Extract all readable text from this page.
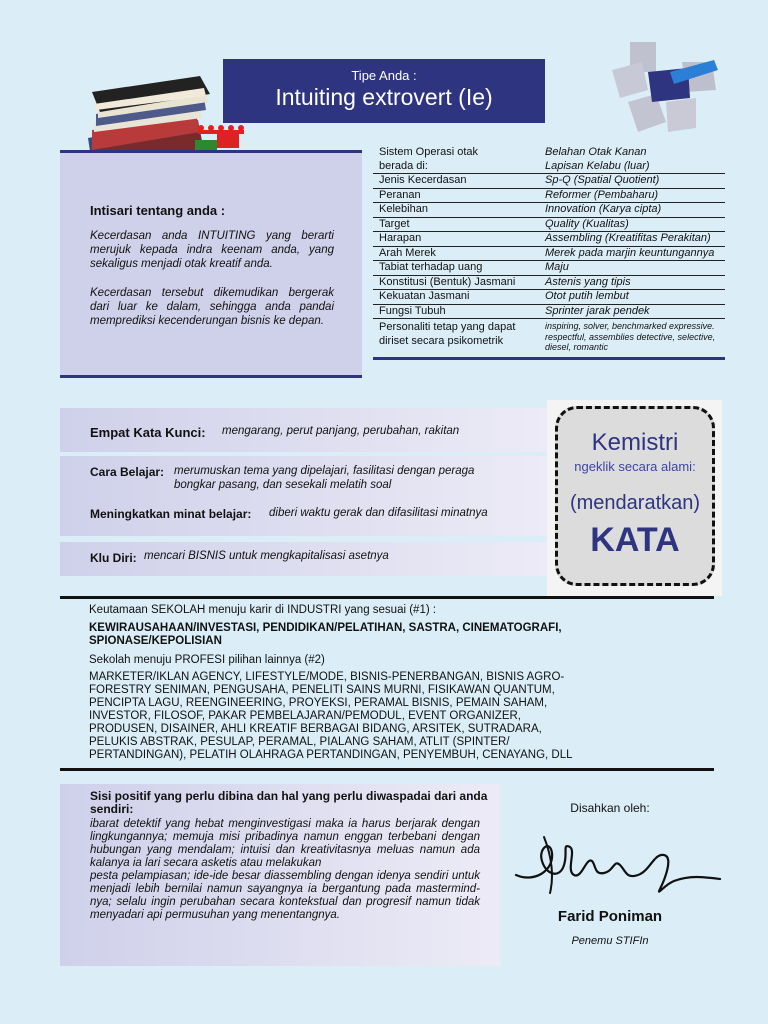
Tipe Anda :
Intuiting extrovert (Ie)
Intisari tentang anda :
Kecerdasan anda INTUITING yang berarti merujuk kepada indra keenam anda, yang sekaligus menjadi otak kreatif anda.
Kecerdasan tersebut dikemudikan bergerak dari luar ke dalam, sehingga anda pandai memprediksi kecenderungan bisnis ke depan.
Sistem Operasi otak	Belahan Otak Kanan
berada di:	Lapisan Kelabu (luar)
Jenis Kecerdasan	Sp-Q (Spatial Quotient)
Peranan	Reformer (Pembaharu)
Kelebihan	Innovation (Karya cipta)
Target	Quality (Kualitas)
Harapan	Assembling (Kreatifitas Perakitan)
Arah Merek	Merek pada marjin keuntungannya
Tabiat terhadap uang	Maju
Konstitusi (Bentuk) Jasmani	Astenis yang tipis
Kekuatan Jasmani	Otot putih lembut
Fungsi Tubuh	Sprinter jarak pendek
Personaliti tetap yang dapat diriset secara psikometrik	inspiring, solver, benchmarked expressive. respectful, assemblies detective, selective, diesel, romantic
Empat Kata Kunci: mengarang, perut panjang, perubahan, rakitan
Cara Belajar: merumuskan tema yang dipelajari, fasilitasi dengan peraga
bongkar pasang, dan sesekali melatih soal
Meningkatkan minat belajar: diberi waktu gerak dan difasilitasi minatnya
Klu Diri: mencari BISNIS untuk mengkapitalisasi asetnya
Kemistri
ngeklik secara alami:
(mendaratkan)
KATA
Keutamaan SEKOLAH menuju karir di INDUSTRI yang sesuai (#1) :
KEWIRAUSAHAAN/INVESTASI, PENDIDIKAN/PELATIHAN, SASTRA, CINEMATOGRAFI, SPIONASE/KEPOLISIAN
Sekolah menuju PROFESI pilihan lainnya (#2)
MARKETER/IKLAN AGENCY, LIFESTYLE/MODE, BISNIS-PENERBANGAN, BISNIS AGRO-FORESTRY SENIMAN, PENGUSAHA, PENELITI SAINS MURNI, FISIKAWAN QUANTUM, PENCIPTA LAGU, REENGINEERING, PROYEKSI, PERAMAL BISNIS, PEMAIN SAHAM, INVESTOR, FILOSOF, PAKAR PEMBELAJARAN/PEMODUL, EVENT ORGANIZER, PRODUSEN, DISAINER, AHLI KREATIF BERBAGAI BIDANG, ARSITEK, SUTRADARA, PELUKIS ABSTRAK, PESULAP, PERAMAL, PIALANG SAHAM, ATLIT (SPINTER/ PERTANDINGAN), PELATIH OLAHRAGA PERTANDINGAN, PENYEMBUH, CENAYANG, DLL
Sisi positif yang perlu dibina dan hal yang perlu diwaspadai dari anda sendiri:
ibarat detektif yang hebat menginvestigasi maka ia harus berjarak dengan lingkungannya; memuja misi pribadinya namun enggan terbebani dengan hubungan yang mendalam; intuisi dan kreativitasnya meluas namun ada kalanya ia lari secara asketis atau melakukan
pesta pelampiasan; ide-ide besar diassembling dengan idenya sendiri untuk menjadi lebih bernilai namun sayangnya ia bergantung pada mastermind-nya; selalu ingin perubahan secara kontekstual dan progresif namun tidak menyadari api permusuhan yang menentangnya.
Disahkan oleh:
Farid Poniman
Penemu STIFIn
